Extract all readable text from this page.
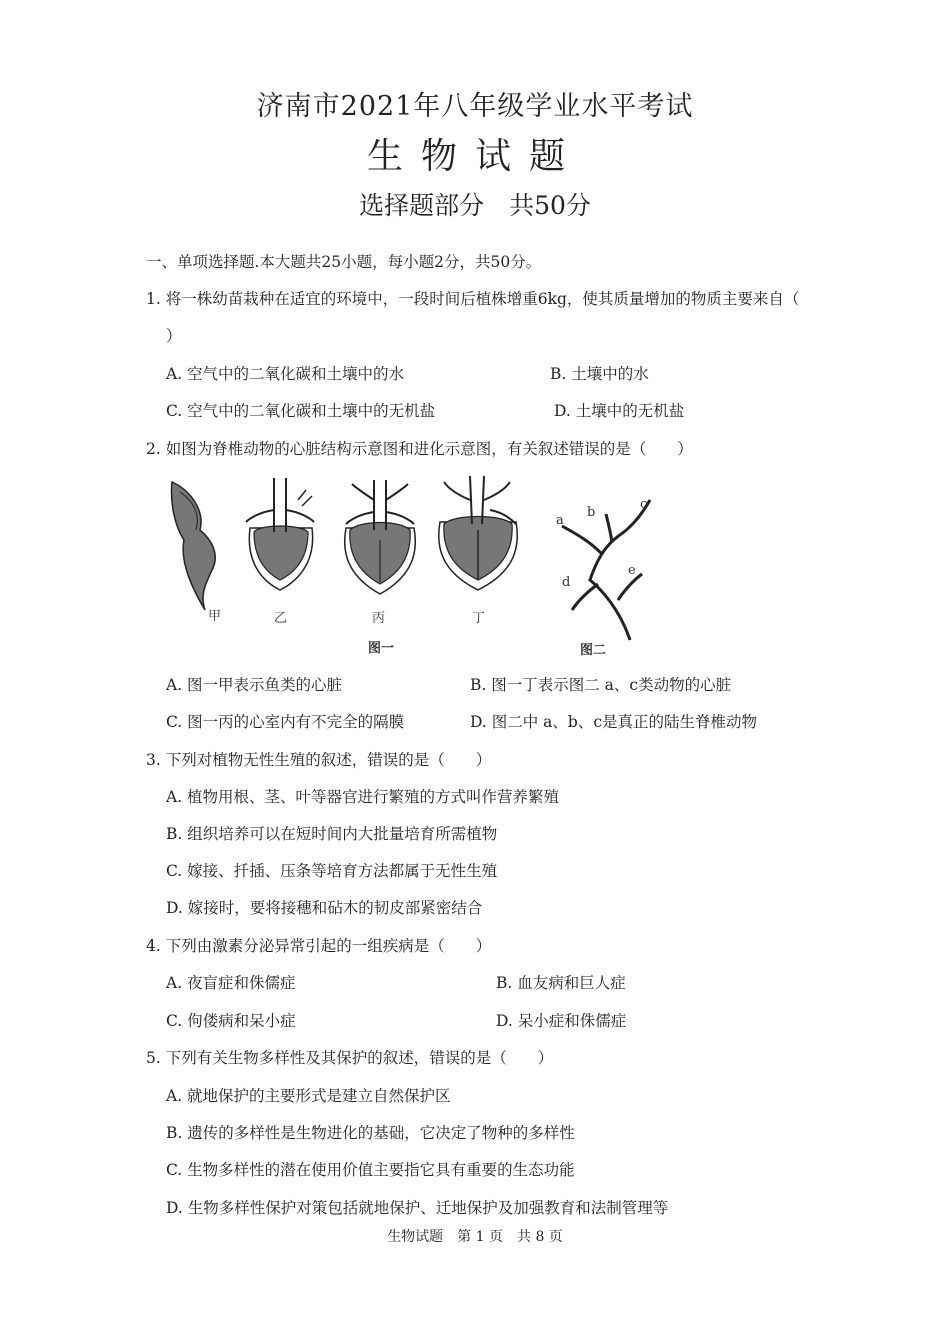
济南市2021年八年级学业水平考试
生物试题
选择题部分　共50分
一、单项选择题.本大题共25小题，每小题2分，共50分。
1. 将一株幼苗栽种在适宜的环境中，一段时间后植株增重6kg，使其质量增加的物质主要来自（
）
A. 空气中的二氧化碳和土壤中的水	B. 土壤中的水
C. 空气中的二氧化碳和土壤中的无机盐	D. 土壤中的无机盐
2. 如图为脊椎动物的心脏结构示意图和进化示意图，有关叙述错误的是（　　）
甲	乙	丙	丁
图一	图二
a
b
c
d
e
A. 图一甲表示鱼类的心脏	B. 图一丁表示图二 a、c类动物的心脏
C. 图一丙的心室内有不完全的隔膜	D. 图二中 a、b、c是真正的陆生脊椎动物
3. 下列对植物无性生殖的叙述，错误的是（　　）
A. 植物用根、茎、叶等器官进行繁殖的方式叫作营养繁殖
B. 组织培养可以在短时间内大批量培育所需植物
C. 嫁接、扦插、压条等培育方法都属于无性生殖
D. 嫁接时，要将接穗和砧木的韧皮部紧密结合
4. 下列由激素分泌异常引起的一组疾病是（　　）
A. 夜盲症和侏儒症	B. 血友病和巨人症
C. 佝偻病和呆小症	D. 呆小症和侏儒症
5. 下列有关生物多样性及其保护的叙述，错误的是（　　）
A. 就地保护的主要形式是建立自然保护区
B. 遗传的多样性是生物进化的基础，它决定了物种的多样性
C. 生物多样性的潜在使用价值主要指它具有重要的生态功能
D. 生物多样性保护对策包括就地保护、迁地保护及加强教育和法制管理等
生物试题　第 1 页　共 8 页
